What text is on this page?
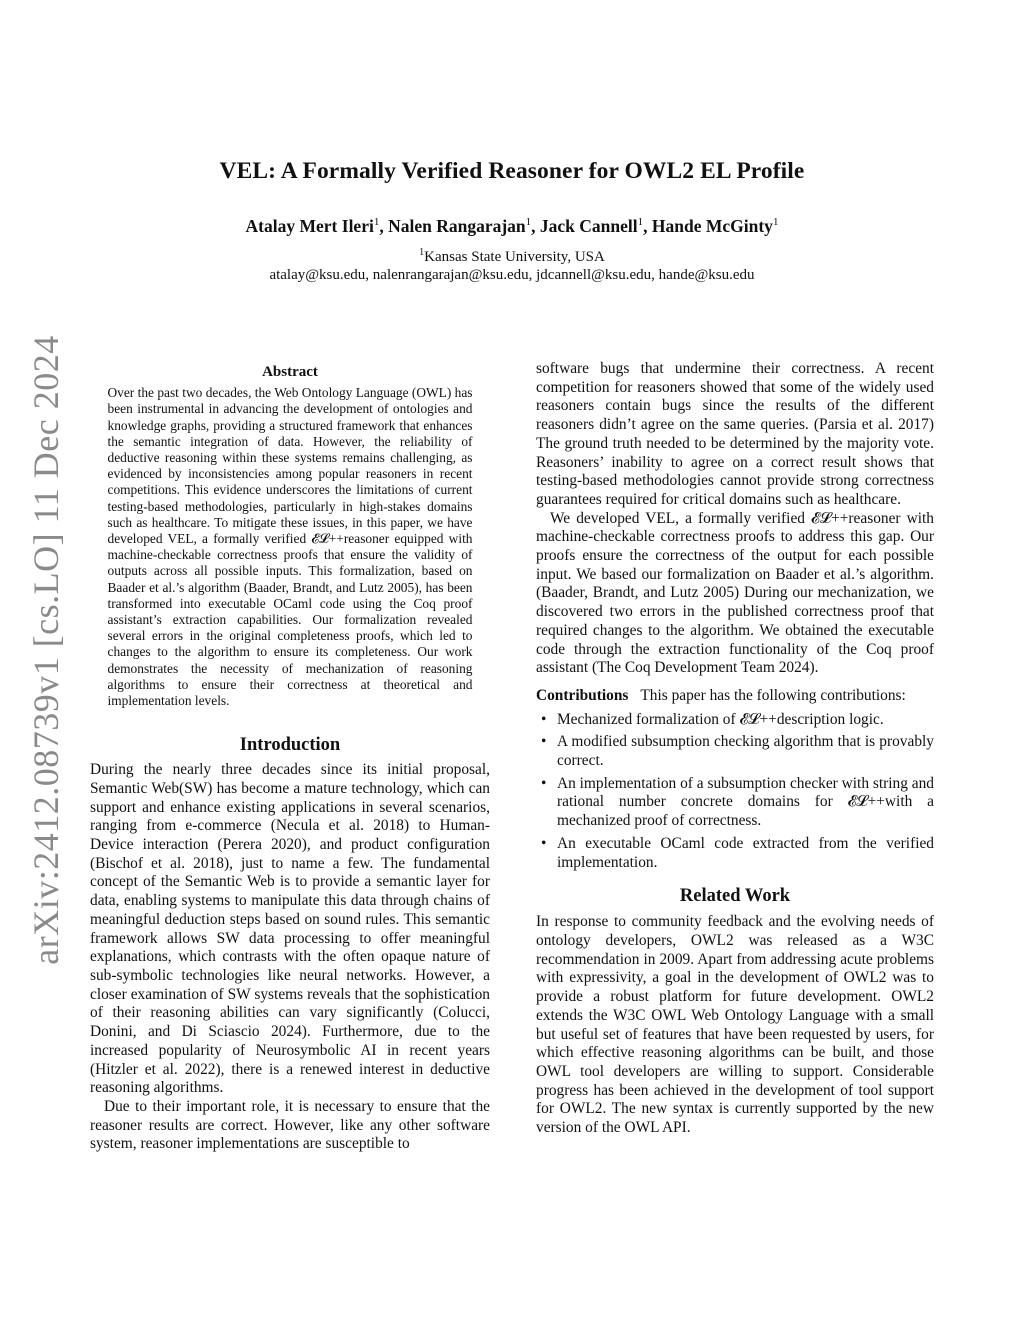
arXiv:2412.08739v1 [cs.LO] 11 Dec 2024
VEL: A Formally Verified Reasoner for OWL2 EL Profile
Atalay Mert Ileri$^1$, Nalen Rangarajan$^1$, Jack Cannell$^1$, Hande McGinty$^1$
$^1$Kansas State University, USA
atalay@ksu.edu, nalenrangarajan@ksu.edu, jdcannell@ksu.edu, hande@ksu.edu
Abstract

Over the past two decades, the Web Ontology Language (OWL) has been instrumental in advancing the development of ontologies and knowledge graphs, providing a structured framework that enhances the semantic integration of data. However, the reliability of deductive reasoning within these systems remains challenging, as evidenced by inconsistencies among popular reasoners in recent competitions. This evidence underscores the limitations of current testing-based methodologies, particularly in high-stakes domains such as healthcare. To mitigate these issues, in this paper, we have developed VEL, a formally verified 𝓔𝓛++reasoner equipped with machine-checkable correctness proofs that ensure the validity of outputs across all possible inputs. This formalization, based on Baader et al.’s algorithm (Baader, Brandt, and Lutz 2005), has been transformed into executable OCaml code using the Coq proof assistant’s extraction capabilities. Our formalization revealed several errors in the original completeness proofs, which led to changes to the algorithm to ensure its completeness. Our work demonstrates the necessity of mechanization of reasoning algorithms to ensure their correctness at theoretical and implementation levels.

Introduction

During the nearly three decades since its initial proposal, Semantic Web(SW) has become a mature technology, which can support and enhance existing applications in several scenarios, ranging from e-commerce (Necula et al. 2018) to Human-Device interaction (Perera 2020), and product configuration (Bischof et al. 2018), just to name a few. The fundamental concept of the Semantic Web is to provide a semantic layer for data, enabling systems to manipulate this data through chains of meaningful deduction steps based on sound rules. This semantic framework allows SW data processing to offer meaningful explanations, which contrasts with the often opaque nature of sub-symbolic technologies like neural networks. However, a closer examination of SW systems reveals that the sophistication of their reasoning abilities can vary significantly (Colucci, Donini, and Di Sciascio 2024). Furthermore, due to the increased popularity of Neurosymbolic AI in recent years (Hitzler et al. 2022), there is a renewed interest in deductive reasoning algorithms.

Due to their important role, it is necessary to ensure that the reasoner results are correct. However, like any other software system, reasoner implementations are susceptible to

software bugs that undermine their correctness. A recent competition for reasoners showed that some of the widely used reasoners contain bugs since the results of the different reasoners didn’t agree on the same queries. (Parsia et al. 2017) The ground truth needed to be determined by the majority vote. Reasoners’ inability to agree on a correct result shows that testing-based methodologies cannot provide strong correctness guarantees required for critical domains such as healthcare.

We developed VEL, a formally verified 𝓔𝓛++reasoner with machine-checkable correctness proofs to address this gap. Our proofs ensure the correctness of the output for each possible input. We based our formalization on Baader et al.’s algorithm. (Baader, Brandt, and Lutz 2005) During our mechanization, we discovered two errors in the published correctness proof that required changes to the algorithm. We obtained the executable code through the extraction functionality of the Coq proof assistant (The Coq Development Team 2024).

Contributions This paper has the following contributions:
• Mechanized formalization of 𝓔𝓛++description logic.
• A modified subsumption checking algorithm that is provably correct.
• An implementation of a subsumption checker with string and rational number concrete domains for 𝓔𝓛++with a mechanized proof of correctness.
• An executable OCaml code extracted from the verified implementation.
Related Work

In response to community feedback and the evolving needs of ontology developers, OWL2 was released as a W3C recommendation in 2009. Apart from addressing acute problems with expressivity, a goal in the development of OWL2 was to provide a robust platform for future development. OWL2 extends the W3C OWL Web Ontology Language with a small but useful set of features that have been requested by users, for which effective reasoning algorithms can be built, and those OWL tool developers are willing to support. Considerable progress has been achieved in the development of tool support for OWL2. The new syntax is currently supported by the new version of the OWL API.
